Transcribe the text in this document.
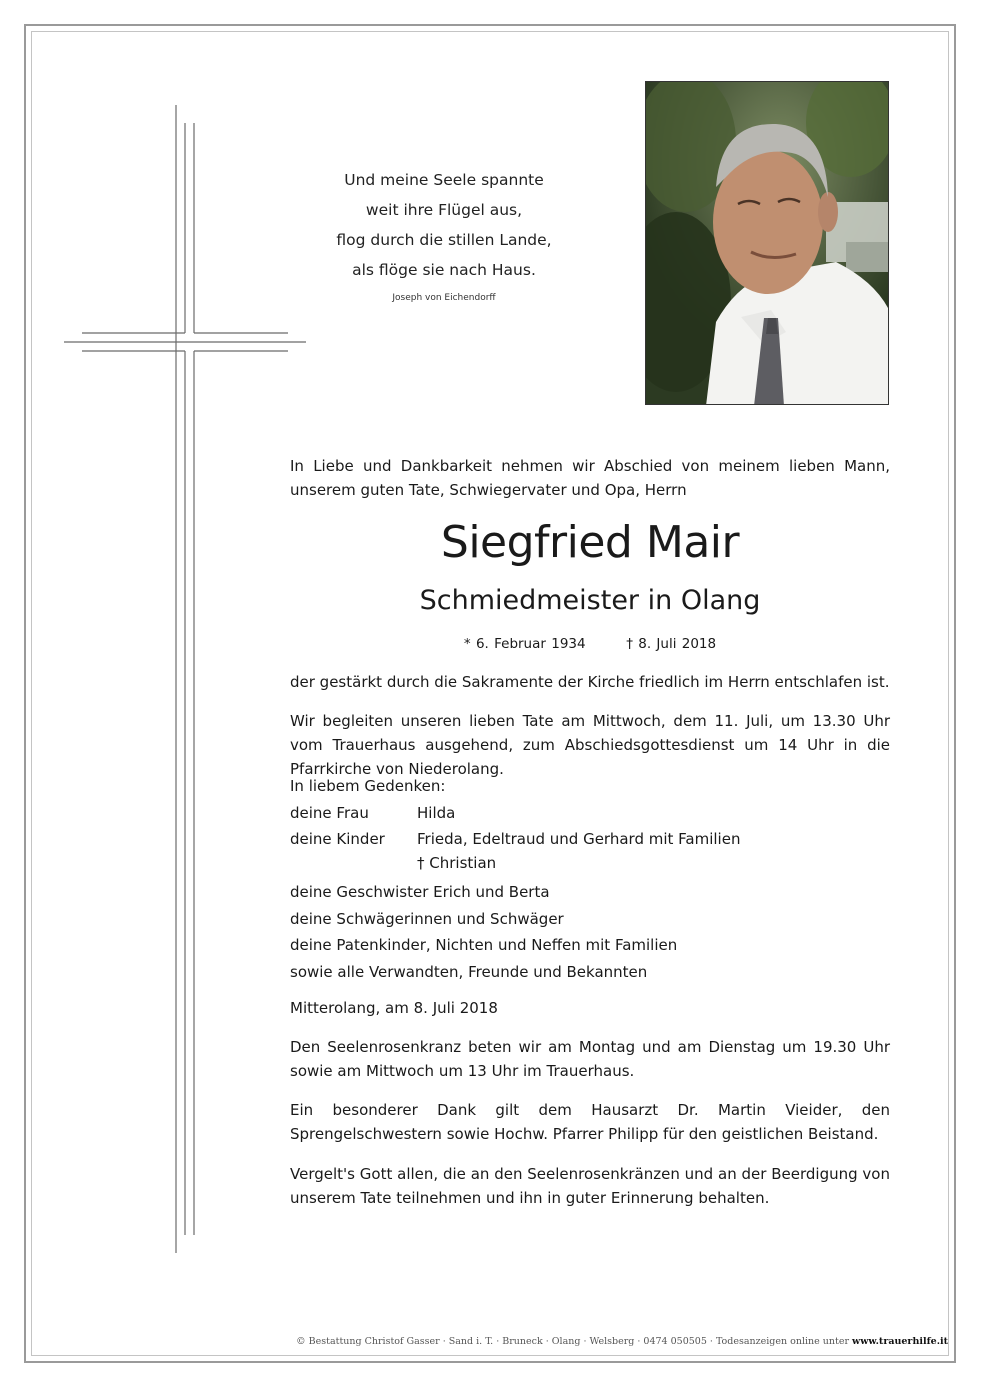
Und meine Seele spannte
weit ihre Flügel aus,
flog durch die stillen Lande,
als flöge sie nach Haus.
Joseph von Eichendorff
In Liebe und Dankbarkeit nehmen wir Abschied von meinem lieben Mann, unserem guten Tate, Schwiegervater und Opa, Herrn
Siegfried Mair
Schmiedmeister in Olang
* 6. Februar 1934	† 8. Juli 2018
der gestärkt durch die Sakramente der Kirche friedlich im Herrn entschlafen ist.
Wir begleiten unseren lieben Tate am Mittwoch, dem 11. Juli, um 13.30 Uhr vom Trauerhaus ausgehend, zum Abschiedsgottesdienst um 14 Uhr in die Pfarrkirche von Niederolang.
In liebem Gedenken:
deine Frau	Hilda
deine Kinder	Frieda, Edeltraud und Gerhard mit Familien
† Christian
deine Geschwister Erich und Berta
deine Schwägerinnen und Schwäger
deine Patenkinder, Nichten und Neffen mit Familien
sowie alle Verwandten, Freunde und Bekannten
Mitterolang, am 8. Juli 2018
Den Seelenrosenkranz beten wir am Montag und am Dienstag um 19.30 Uhr sowie am Mittwoch um 13 Uhr im Trauerhaus.
Ein besonderer Dank gilt dem Hausarzt Dr. Martin Vieider, den Sprengelschwestern sowie Hochw. Pfarrer Philipp für den geistlichen Beistand.
Vergelt's Gott allen, die an den Seelenrosenkränzen und an der Beerdigung von unserem Tate teilnehmen und ihn in guter Erinnerung behalten.
© Bestattung Christof Gasser · Sand i. T. · Bruneck · Olang · Welsberg · 0474 050505 · Todesanzeigen online unter www.trauerhilfe.it
